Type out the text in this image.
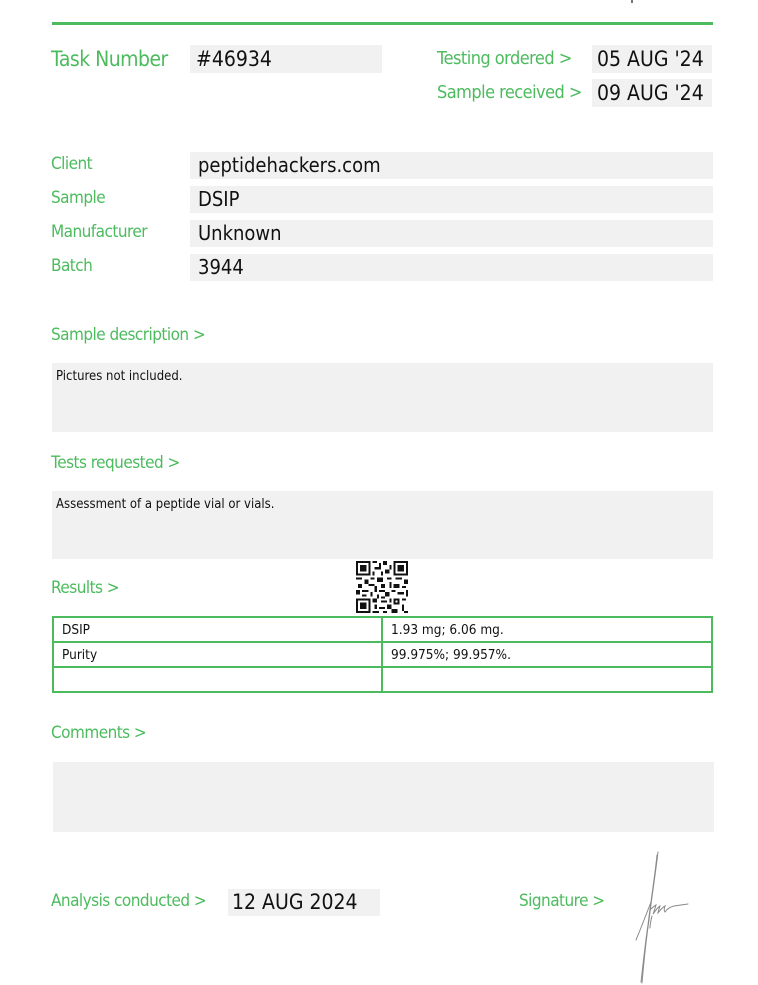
Task Number #46934	Testing ordered > 05 AUG '24
Sample received > 09 AUG '24
Client	peptidehackers.com
Sample	DSIP
Manufacturer	Unknown
Batch	3944
Sample description >
Pictures not included.
Tests requested >
Assessment of a peptide vial or vials.
Results >
DSIP	1.93 mg; 6.06 mg.
Purity	99.975%; 99.957%.

Comments >
Analysis conducted > 12 AUG 2024	Signature >
